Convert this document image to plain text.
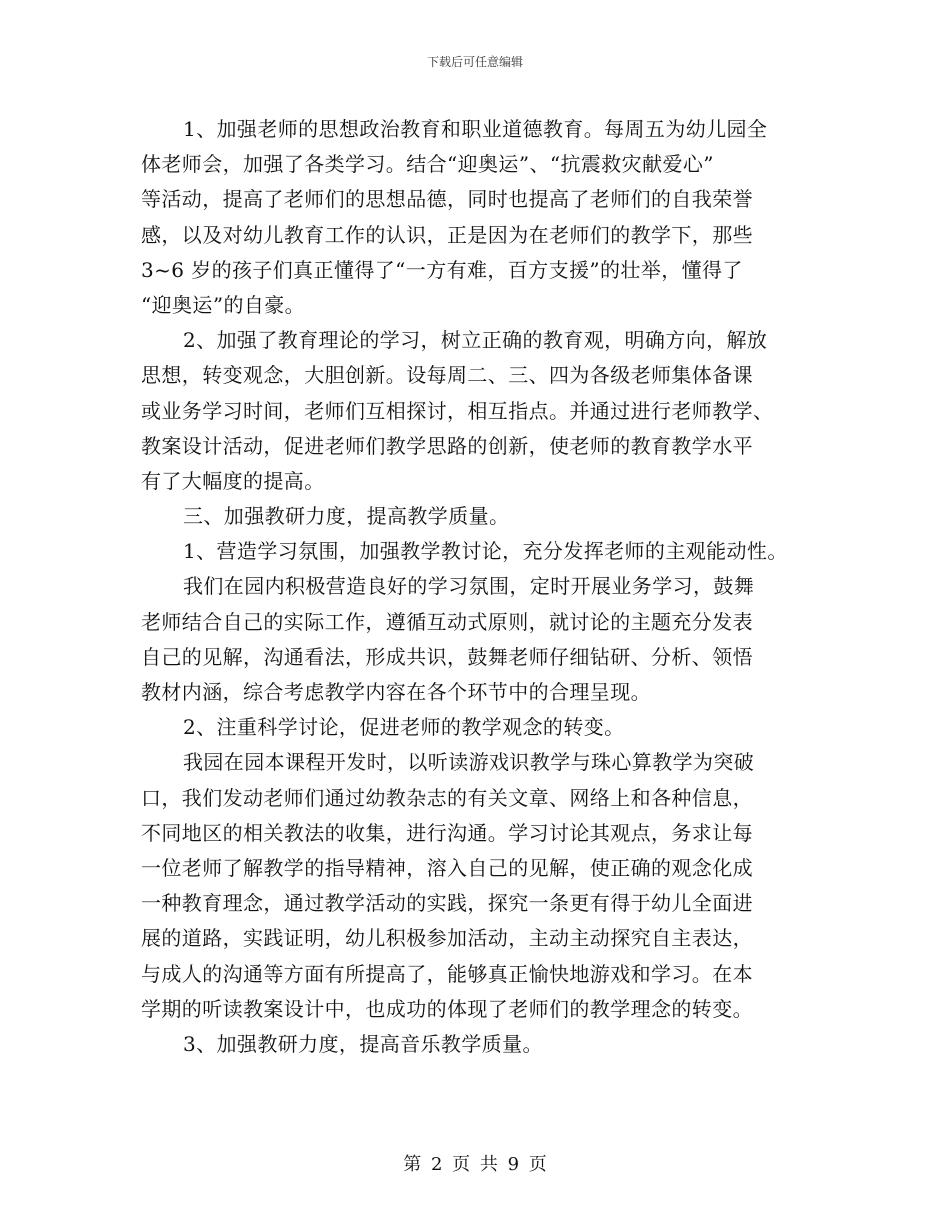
下载后可任意编辑
1、加强老师的思想政治教育和职业道德教育。每周五为幼儿园全
体老师会，加强了各类学习。结合“迎奥运”、“抗震救灾献爱心”
等活动，提高了老师们的思想品德，同时也提高了老师们的自我荣誉
感，以及对幼儿教育工作的认识，正是因为在老师们的教学下，那些
3~6 岁的孩子们真正懂得了“一方有难，百方支援”的壮举，懂得了
“迎奥运”的自豪。
2、加强了教育理论的学习，树立正确的教育观，明确方向，解放
思想，转变观念，大胆创新。设每周二、三、四为各级老师集体备课
或业务学习时间，老师们互相探讨，相互指点。并通过进行老师教学、
教案设计活动，促进老师们教学思路的创新，使老师的教育教学水平
有了大幅度的提高。
三、加强教研力度，提高教学质量。
1、营造学习氛围，加强教学教讨论，充分发挥老师的主观能动性。
我们在园内积极营造良好的学习氛围，定时开展业务学习，鼓舞
老师结合自己的实际工作，遵循互动式原则，就讨论的主题充分发表
自己的见解，沟通看法，形成共识，鼓舞老师仔细钻研、分析、领悟
教材内涵，综合考虑教学内容在各个环节中的合理呈现。
2、注重科学讨论，促进老师的教学观念的转变。
我园在园本课程开发时，以听读游戏识教学与珠心算教学为突破
口，我们发动老师们通过幼教杂志的有关文章、网络上和各种信息，
不同地区的相关教法的收集，进行沟通。学习讨论其观点，务求让每
一位老师了解教学的指导精神，溶入自己的见解，使正确的观念化成
一种教育理念，通过教学活动的实践，探究一条更有得于幼儿全面进
展的道路，实践证明，幼儿积极参加活动，主动主动探究自主表达，
与成人的沟通等方面有所提高了，能够真正愉快地游戏和学习。在本
学期的听读教案设计中，也成功的体现了老师们的教学理念的转变。
3、加强教研力度，提高音乐教学质量。
第 2 页 共 9 页
